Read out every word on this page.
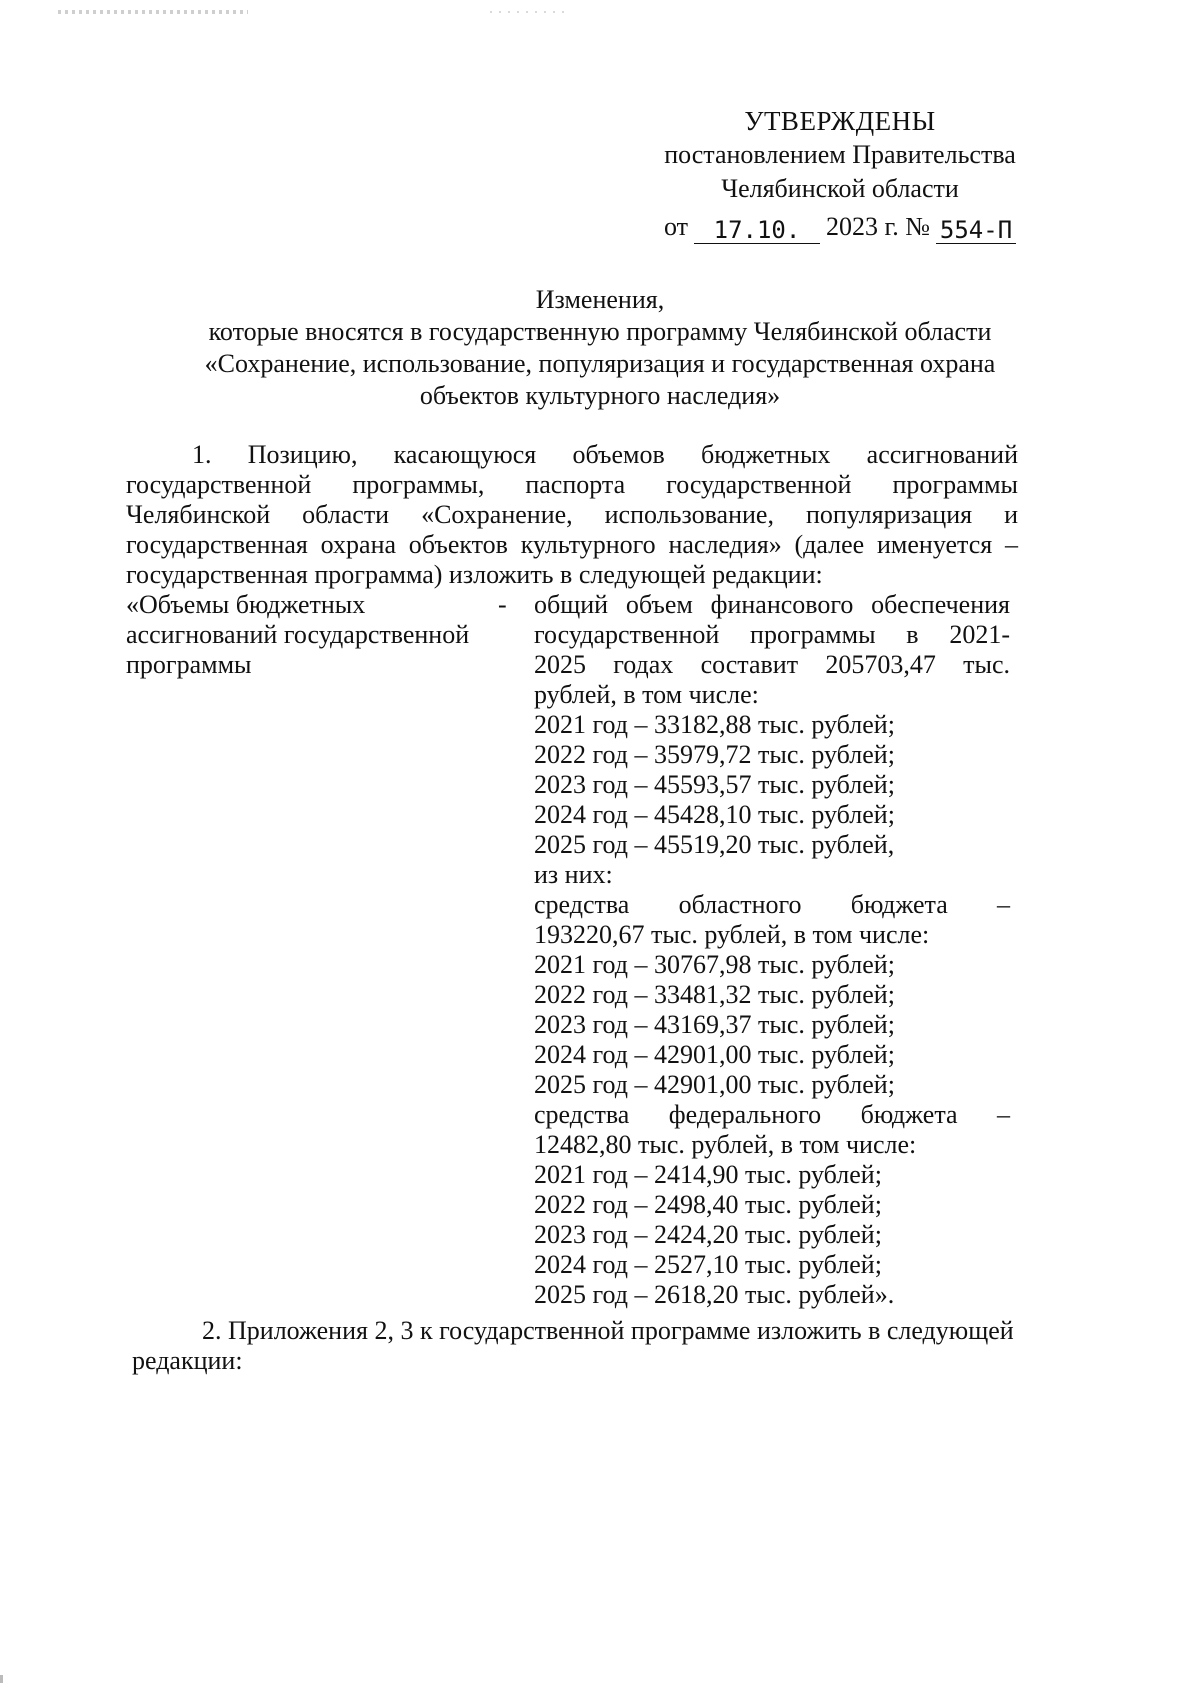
УТВЕРЖДЕНЫ
постановлением Правительства
Челябинской области
от	17.10. 2023 г. № 554-П
Изменения,
которые вносятся в государственную программу Челябинской области
«Сохранение, использование, популяризация и государственная охрана
объектов культурного наследия»
1. Позицию, касающуюся объемов бюджетных ассигнований
государственной программы, паспорта государственной программы
Челябинской области «Сохранение, использование, популяризация и
государственная охрана объектов культурного наследия» (далее именуется –
государственная программа) изложить в следующей редакции:
«Объемы бюджетных
ассигнований государственной
программы
- общий объем финансового обеспечения
государственной программы в 2021-
2025 годах составит 205703,47 тыс.
рублей, в том числе:
2021 год – 33182,88 тыс. рублей;
2022 год – 35979,72 тыс. рублей;
2023 год – 45593,57 тыс. рублей;
2024 год – 45428,10 тыс. рублей;
2025 год – 45519,20 тыс. рублей,
из них:
средства областного бюджета –
193220,67 тыс. рублей, в том числе:
2021 год – 30767,98 тыс. рублей;
2022 год – 33481,32 тыс. рублей;
2023 год – 43169,37 тыс. рублей;
2024 год – 42901,00 тыс. рублей;
2025 год – 42901,00 тыс. рублей;
средства федерального бюджета –
12482,80 тыс. рублей, в том числе:
2021 год – 2414,90 тыс. рублей;
2022 год – 2498,40 тыс. рублей;
2023 год – 2424,20 тыс. рублей;
2024 год – 2527,10 тыс. рублей;
2025 год – 2618,20 тыс. рублей».
2. Приложения 2, 3 к государственной программе изложить в следующей
редакции:
